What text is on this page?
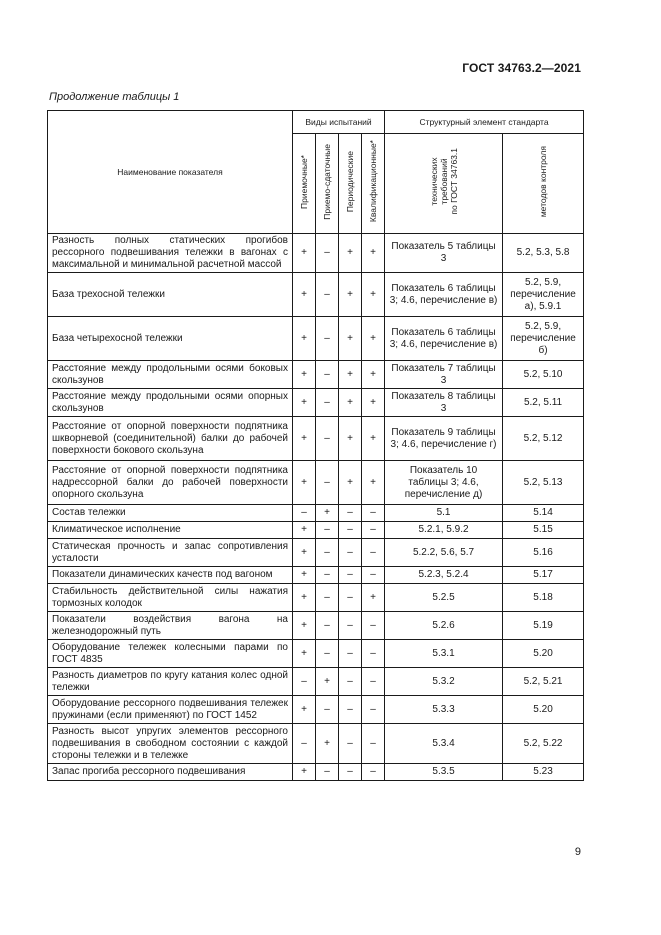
ГОСТ 34763.2—2021
Продолжение таблицы 1
Наименование показателя	Виды испытаний				Структурный элемент стандарта	
	Приемочные*	Приемо-сдаточные	Периодические	Квалификационные*	технических
требований
по ГОСТ 34763.1	методов контроля
Разность полных статических прогибов рессорного подвешивания тележки в вагонах с максимальной и минимальной расчетной массой	+	–	+	+	Показатель 5 таблицы 3	5.2, 5.3, 5.8
База трехосной тележки	+	–	+	+	Показатель 6 таблицы 3; 4.6, перечисление в)	5.2, 5.9, перечисление а), 5.9.1
База четырехосной тележки	+	–	+	+	Показатель 6 таблицы 3; 4.6, перечисление в)	5.2, 5.9, перечисление б)
Расстояние между продольными осями боковых скользунов	+	–	+	+	Показатель 7 таблицы 3	5.2, 5.10
Расстояние между продольными осями опорных скользунов	+	–	+	+	Показатель 8 таблицы 3	5.2, 5.11
Расстояние от опорной поверхности подпятника шкворневой (соединительной) балки до рабочей поверхности бокового скользуна	+	–	+	+	Показатель 9 таблицы 3; 4.6, перечисление г)	5.2, 5.12
Расстояние от опорной поверхности подпятника надрессорной балки до рабочей поверхности опорного скользуна	+	–	+	+	Показатель 10 таблицы 3; 4.6, перечисление д)	5.2, 5.13
Состав тележки	–	+	–	–	5.1	5.14
Климатическое исполнение	+	–	–	–	5.2.1, 5.9.2	5.15
Статическая прочность и запас сопротивления усталости	+	–	–	–	5.2.2, 5.6, 5.7	5.16
Показатели динамических качеств под вагоном	+	–	–	–	5.2.3, 5.2.4	5.17
Стабильность действительной силы нажатия тормозных колодок	+	–	–	+	5.2.5	5.18
Показатели воздействия вагона на железнодорожный путь	+	–	–	–	5.2.6	5.19
Оборудование тележек колесными парами по ГОСТ 4835	+	–	–	–	5.3.1	5.20
Разность диаметров по кругу катания колес одной тележки	–	+	–	–	5.3.2	5.2, 5.21
Оборудование рессорного подвешивания тележек пружинами (если применяют) по ГОСТ 1452	+	–	–	–	5.3.3	5.20
Разность высот упругих элементов рессорного подвешивания в свободном состоянии с каждой стороны тележки и в тележке	–	+	–	–	5.3.4	5.2, 5.22
Запас прогиба рессорного подвешивания	+	–	–	–	5.3.5	5.23
9
